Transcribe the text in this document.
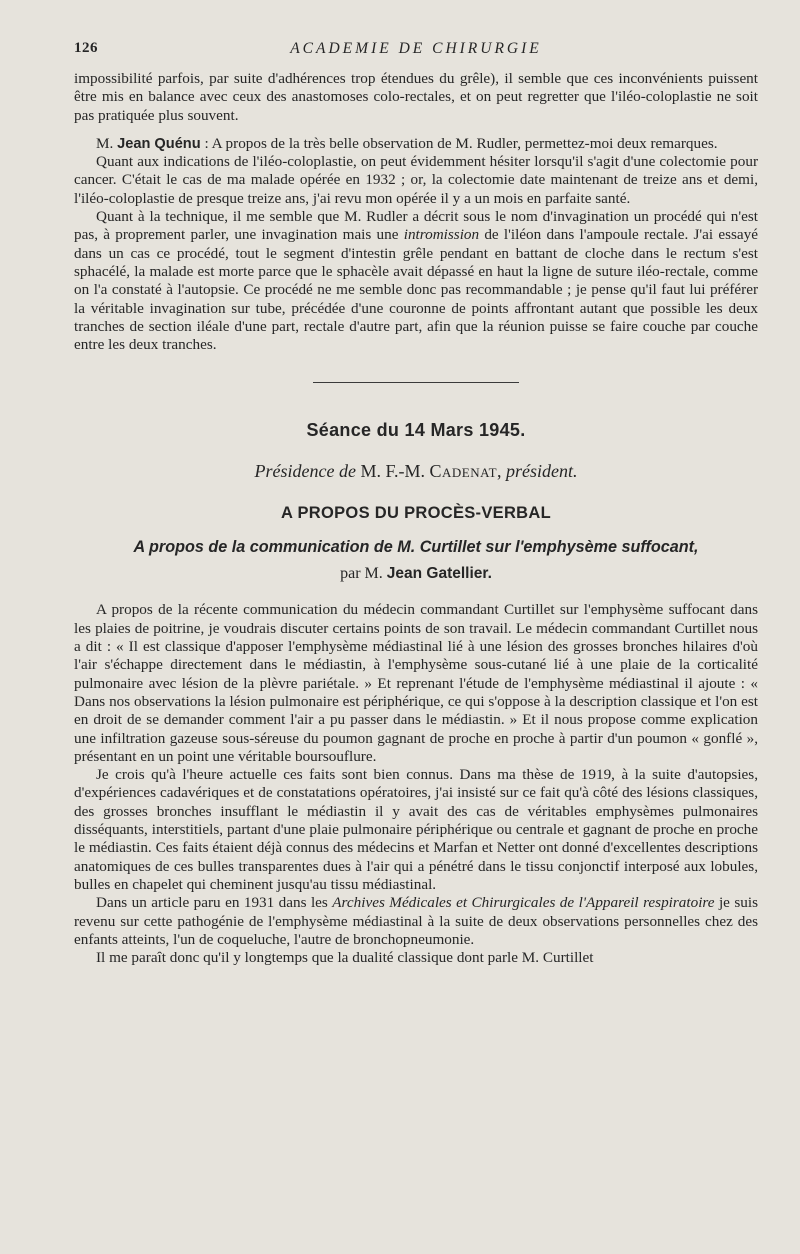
126	ACADEMIE DE CHIRURGIE

impossibilité parfois, par suite d'adhérences trop étendues du grêle), il semble que ces inconvénients puissent être mis en balance avec ceux des anastomoses colo-rectales, et on peut regretter que l'iléo-coloplastie ne soit pas pratiquée plus souvent.

M. Jean Quénu : A propos de la très belle observation de M. Rudler, permettez-moi deux remarques.

Quant aux indications de l'iléo-coloplastie, on peut évidemment hésiter lorsqu'il s'agit d'une colectomie pour cancer. C'était le cas de ma malade opérée en 1932 ; or, la colectomie date maintenant de treize ans et demi, l'iléo-coloplastie de presque treize ans, j'ai revu mon opérée il y a un mois en parfaite santé.

Quant à la technique, il me semble que M. Rudler a décrit sous le nom d'invagination un procédé qui n'est pas, à proprement parler, une invagination mais une intromission de l'iléon dans l'ampoule rectale. J'ai essayé dans un cas ce procédé, tout le segment d'intestin grêle pendant en battant de cloche dans le rectum s'est sphacélé, la malade est morte parce que le sphacèle avait dépassé en haut la ligne de suture iléo-rectale, comme on l'a constaté à l'autopsie. Ce procédé ne me semble donc pas recommandable ; je pense qu'il faut lui préférer la véritable invagination sur tube, précédée d'une couronne de points affrontant autant que possible les deux tranches de section iléale d'une part, rectale d'autre part, afin que la réunion puisse se faire couche par couche entre les deux tranches.

Séance du 14 Mars 1945.
Présidence de M. F.-M. Cadenat, président.
A PROPOS DU PROCÈS-VERBAL
A propos de la communication de M. Curtillet sur l'emphysème suffocant,
par M. Jean Gatellier.

A propos de la récente communication du médecin commandant Curtillet sur l'emphysème suffocant dans les plaies de poitrine, je voudrais discuter certains points de son travail. Le médecin commandant Curtillet nous a dit : « Il est classique d'apposer l'emphysème médiastinal lié à une lésion des grosses bronches hilaires d'où l'air s'échappe directement dans le médiastin, à l'emphysème sous-cutané lié à une plaie de la corticalité pulmonaire avec lésion de la plèvre pariétale. » Et reprenant l'étude de l'emphysème médiastinal il ajoute : « Dans nos observations la lésion pulmonaire est périphérique, ce qui s'oppose à la description classique et l'on est en droit de se demander comment l'air a pu passer dans le médiastin. » Et il nous propose comme explication une infiltration gazeuse sous-séreuse du poumon gagnant de proche en proche à partir d'un poumon « gonflé », présentant en un point une véritable boursouflure.

Je crois qu'à l'heure actuelle ces faits sont bien connus. Dans ma thèse de 1919, à la suite d'autopsies, d'expériences cadavériques et de constatations opératoires, j'ai insisté sur ce fait qu'à côté des lésions classiques, des grosses bronches insufflant le médiastin il y avait des cas de véritables emphysèmes pulmonaires disséquants, interstitiels, partant d'une plaie pulmonaire périphérique ou centrale et gagnant de proche en proche le médiastin. Ces faits étaient déjà connus des médecins et Marfan et Netter ont donné d'excellentes descriptions anatomiques de ces bulles transparentes dues à l'air qui a pénétré dans le tissu conjonctif interposé aux lobules, bulles en chapelet qui cheminent jusqu'au tissu médiastinal.

Dans un article paru en 1931 dans les Archives Médicales et Chirurgicales de l'Appareil respiratoire je suis revenu sur cette pathogénie de l'emphysème médiastinal à la suite de deux observations personnelles chez des enfants atteints, l'un de coqueluche, l'autre de bronchopneumonie.

Il me paraît donc qu'il y longtemps que la dualité classique dont parle M. Curtillet
